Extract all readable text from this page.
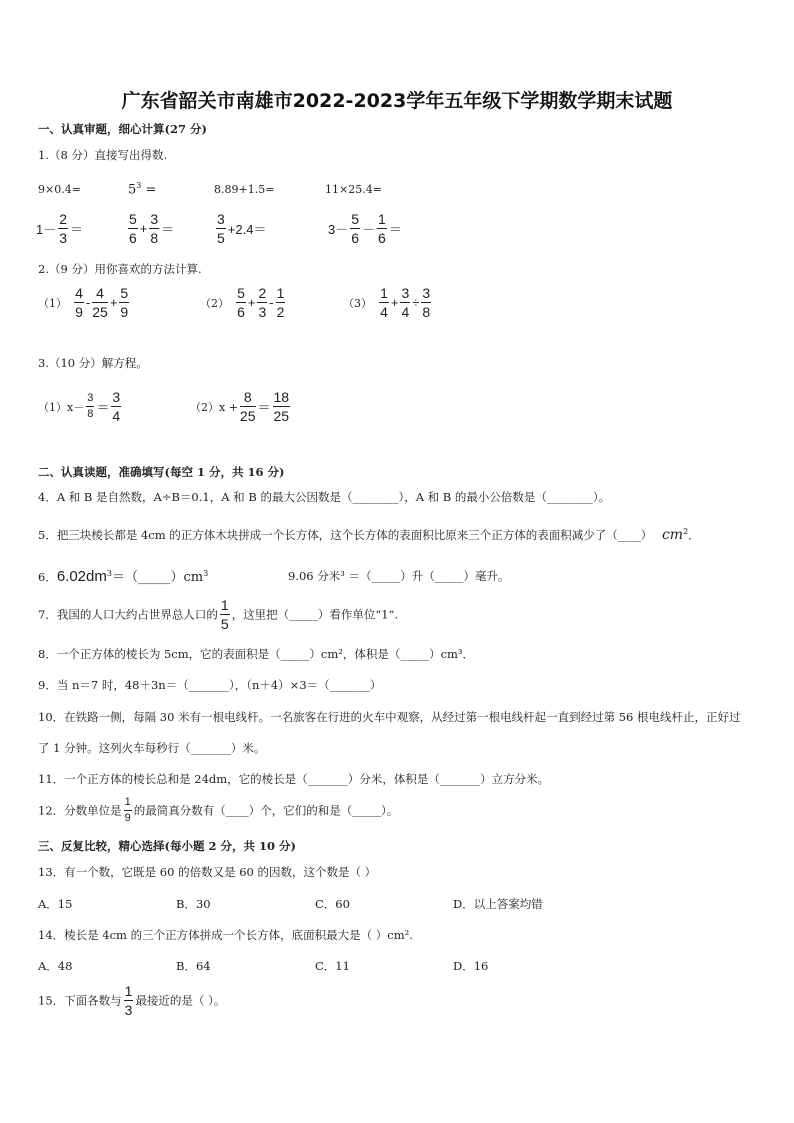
广东省韶关市南雄市2022-2023学年五年级下学期数学期末试题
一、认真审题，细心计算(27 分)
1.（8 分）直接写出得数.
9×0.4=	$5^3$ =	8.89+1.5=	11×25.4=
$1- \frac{2}{3}$ ＝	$\frac{5}{6} + \frac{3}{8}$ ＝	$\frac{3}{5} +2.4=$	$3- \frac{5}{6} - \frac{1}{6}$ ＝
2.（9 分）用你喜欢的方法计算.
$(1) \frac{4}{9} - \frac{4}{25} + \frac{5}{9}$	$(2) \frac{5}{6} + \frac{2}{3} - \frac{1}{2}$	$(3) \frac{1}{4} + \frac{3}{4} \div \frac{3}{8}$
3.（10 分）解方程。
$(1)x- \frac{3}{8} = \frac{3}{4}$	$(2)x + \frac{8}{25} = \frac{18}{25}$
二、认真读题，准确填写(每空 1 分，共 16 分)
4．A 和 B 是自然数，A÷B＝0.1，A 和 B 的最大公因数是（________），A 和 B 的最小公倍数是（________）。
5．把三块棱长都是 4cm 的正方体木块拼成一个长方体，这个长方体的表面积比原来三个正方体的表面积减少了（____） $cm^2$．
6．$6.02dm^3=(\_\_\_\_\_)cm^3$	9.06 分米³ ＝（_____）升（_____）毫升。
7．我国的人口大约占世界总人口的 $\frac{1}{5}$ ，这里把（_____）看作单位“1”.
8．一个正方体的棱长为 5cm，它的表面积是（_____）cm²，体积是（_____）cm³．
9．当 n＝7 时，48＋3n＝（_______），（n＋4）×3＝（_______）
10．在铁路一侧，每隔 30 米有一根电线杆。一名旅客在行进的火车中观察，从经过第一根电线杆起一直到经过第 56 根电线杆止，正好过
了 1 分钟。这列火车每秒行（_______）米。
11．一个正方体的棱长总和是 24dm，它的棱长是（_______）分米，体积是（_______）立方分米。
12．分数单位是 $\frac{1}{9}$ 的最简真分数有（____）个，它们的和是（_____）。
三、反复比较，精心选择(每小题 2 分，共 10 分)
13．有一个数，它既是 60 的倍数又是 60 的因数，这个数是（ ）
A．15	B．30	C．60	D．以上答案均错
14．棱长是 4cm 的三个正方体拼成一个长方体，底面积最大是（ ）cm².
A．48	B．64	C．11	D．16
15．下面各数与 $\frac{1}{3}$ 最接近的是（ ）。
